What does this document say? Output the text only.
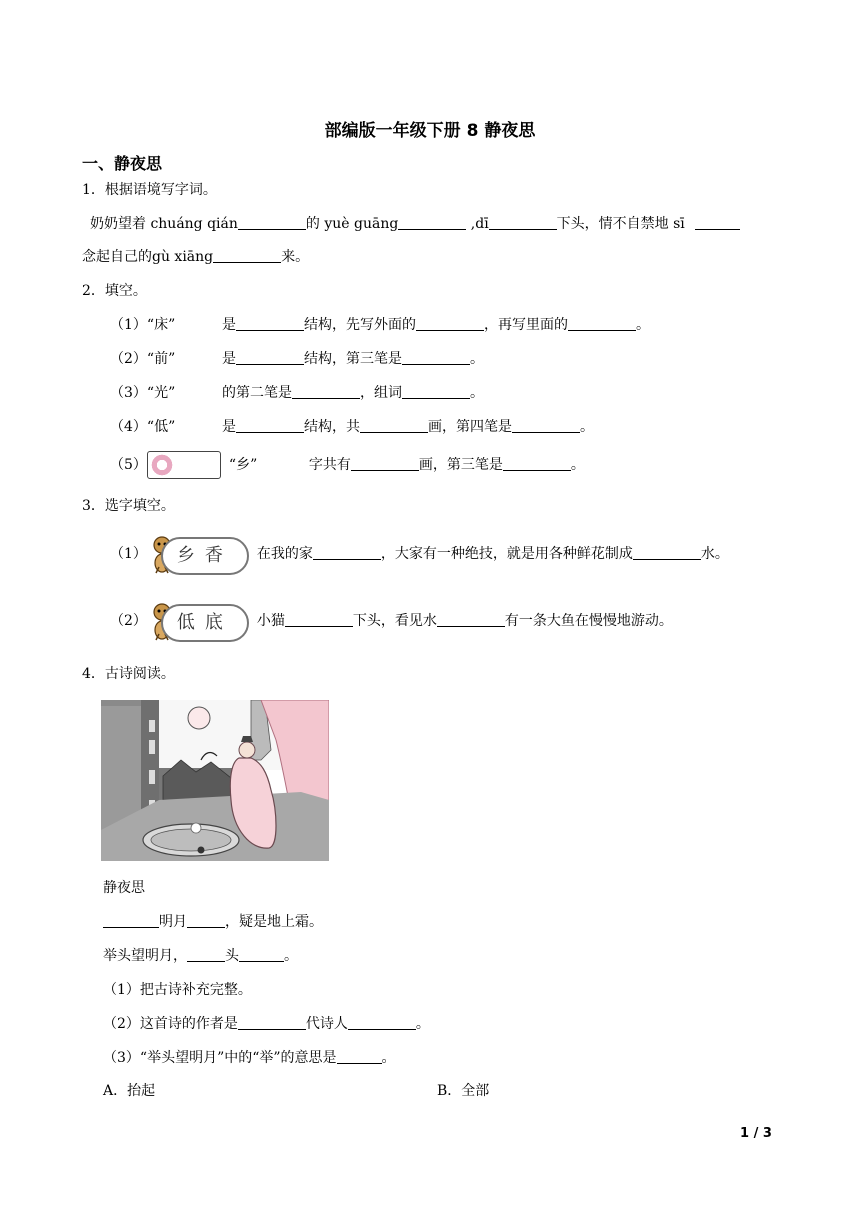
部编版一年级下册 8 静夜思
一、静夜思
1．根据语境写字词。
奶奶望着 chuáng qián	的 yuè guāng	,dī	下头，情不自禁地 sī
念起自己的gù xiāng	来。
2．填空。
（1）“床”	是	结构，先写外面的	，再写里面的	。
（2）“前”	是	结构，第三笔是	。
（3）“光”	的第二笔是	，组词	。
（4）“低”	是	结构，共	画，第四笔是	。
（5）	“乡”	字共有	画，第三笔是	。
3．选字填空。
（1）	乡香	在我的家	，大家有一种绝技，就是用各种鲜花制成	水。
（2）	低底	小猫	下头，看见水	有一条大鱼在慢慢地游动。
4．古诗阅读。
静夜思
明月	，疑是地上霜。
举头望明月，	头	。
（1）把古诗补充完整。
（2）这首诗的作者是	代诗人	。
（3）“举头望明月”中的“举”的意思是	。
A．抬起	B．全部
1 / 3
